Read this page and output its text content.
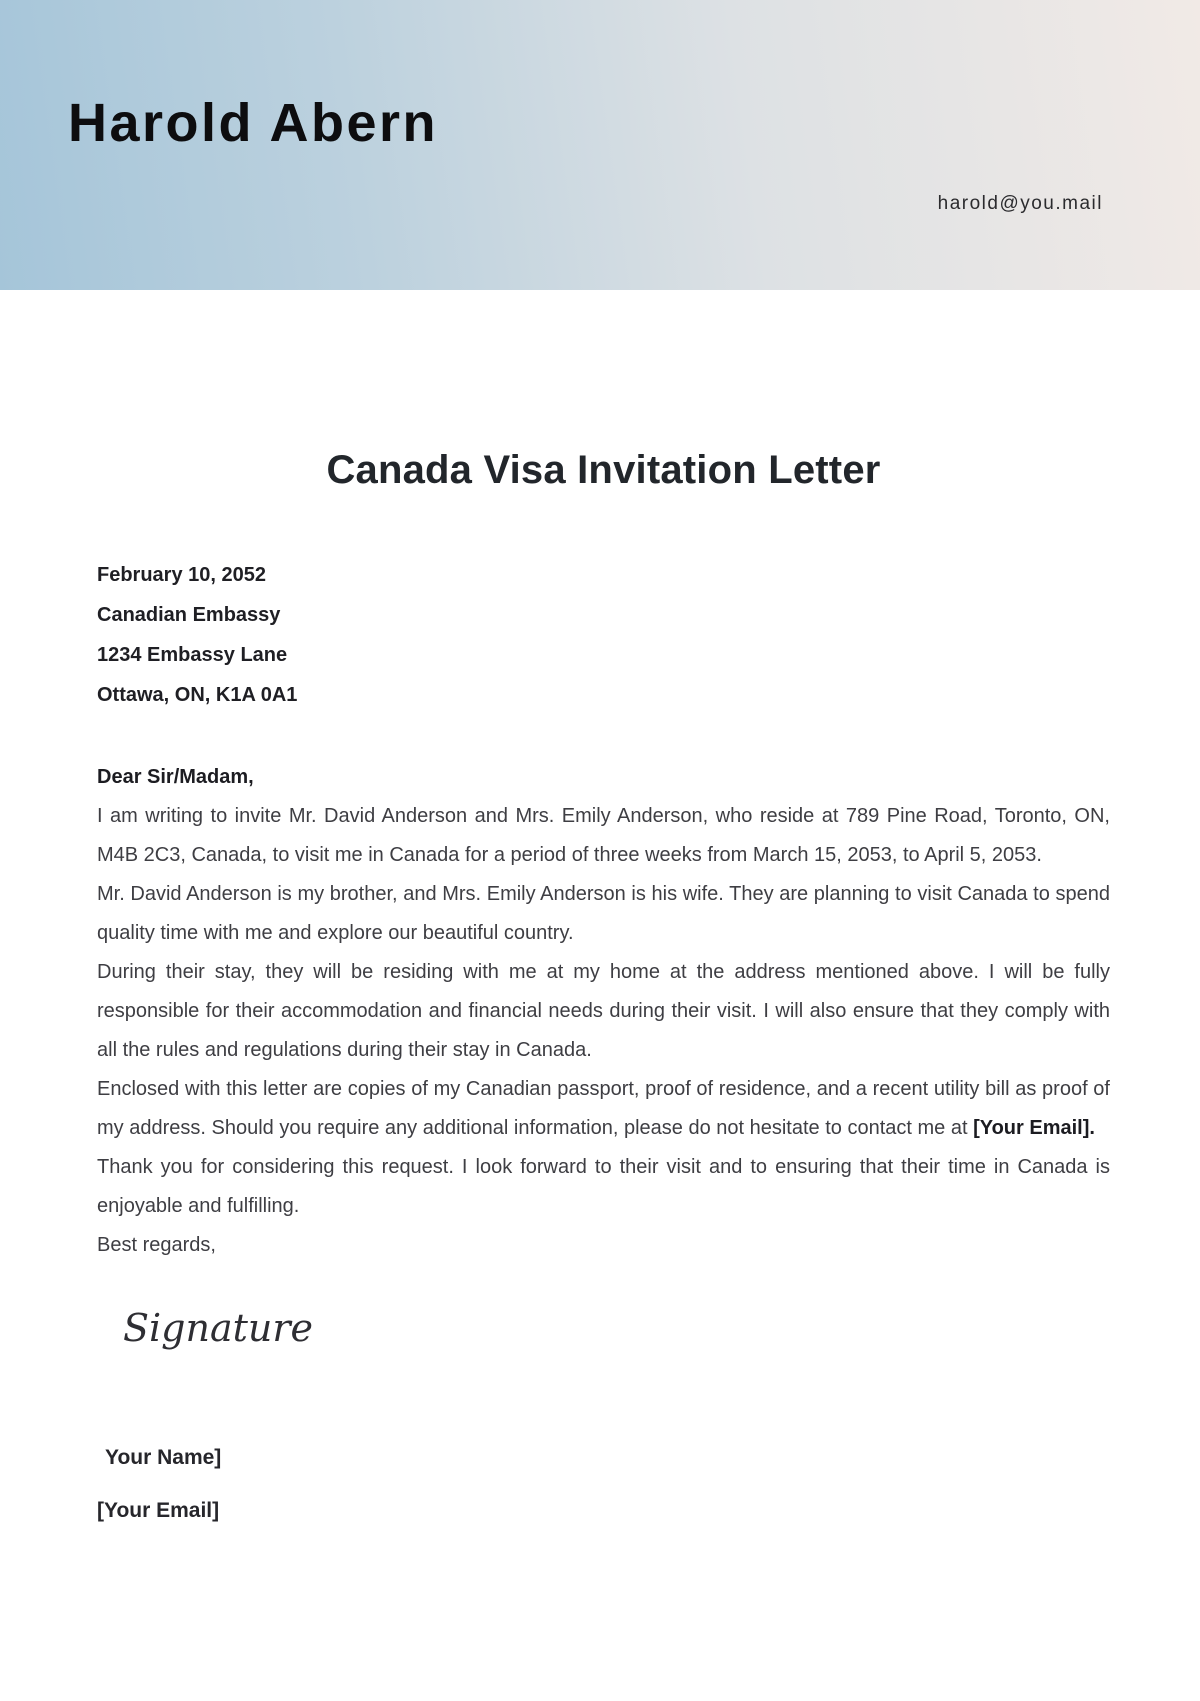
Harold Abern
harold@you.mail
Canada Visa Invitation Letter
February 10, 2052
Canadian Embassy
1234 Embassy Lane
Ottawa, ON, K1A 0A1

Dear Sir/Madam,

I am writing to invite Mr. David Anderson and Mrs. Emily Anderson, who reside at 789 Pine Road, Toronto, ON, M4B 2C3, Canada, to visit me in Canada for a period of three weeks from March 15, 2053, to April 5, 2053.

Mr. David Anderson is my brother, and Mrs. Emily Anderson is his wife. They are planning to visit Canada to spend quality time with me and explore our beautiful country.

During their stay, they will be residing with me at my home at the address mentioned above. I will be fully responsible for their accommodation and financial needs during their visit. I will also ensure that they comply with all the rules and regulations during their stay in Canada.

Enclosed with this letter are copies of my Canadian passport, proof of residence, and a recent utility bill as proof of my address. Should you require any additional information, please do not hesitate to contact me at [Your Email].

Thank you for considering this request. I look forward to their visit and to ensuring that their time in Canada is enjoyable and fulfilling.

Best regards,

Signature
Your Name]
[Your Email]
